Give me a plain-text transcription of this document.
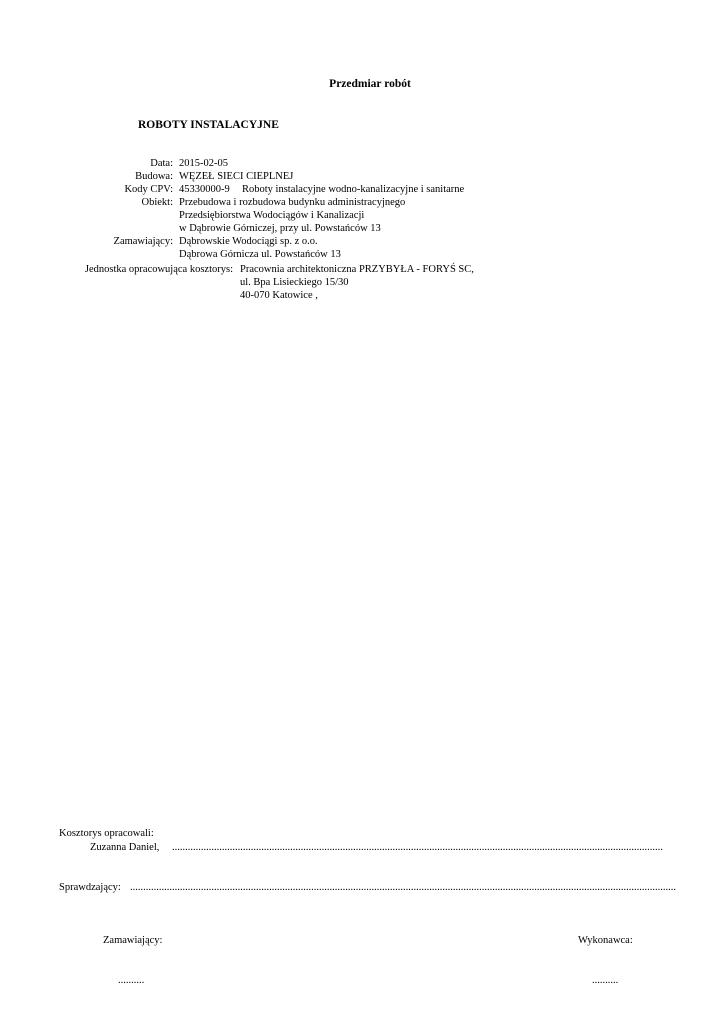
Przedmiar robót
ROBOTY INSTALACYJNE
Data: 2015-02-05
Budowa: WĘZEŁ SIECI CIEPLNEJ
Kody CPV: 45330000-9 Roboty instalacyjne wodno-kanalizacyjne i sanitarne
Obiekt: Przebudowa i rozbudowa budynku administracyjnego
Przedsiębiorstwa Wodociągów i Kanalizacji
w Dąbrowie Górniczej, przy ul. Powstańców 13
Zamawiający: Dąbrowskie Wodociągi sp. z o.o.
Dąbrowa Górnicza ul. Powstańców 13
Jednostka opracowująca kosztorys: Pracownia architektoniczna PRZYBYŁA - FORYŚ SC,
ul. Bpa Lisieckiego 15/30
40-070 Katowice ,
Kosztorys opracowali:
Zuzanna Daniel, ...........................................................................................................................................................................................
Sprawdzający: ................................................................................................................................................................................................................
Zamawiający:	Wykonawca:
..........	..........
